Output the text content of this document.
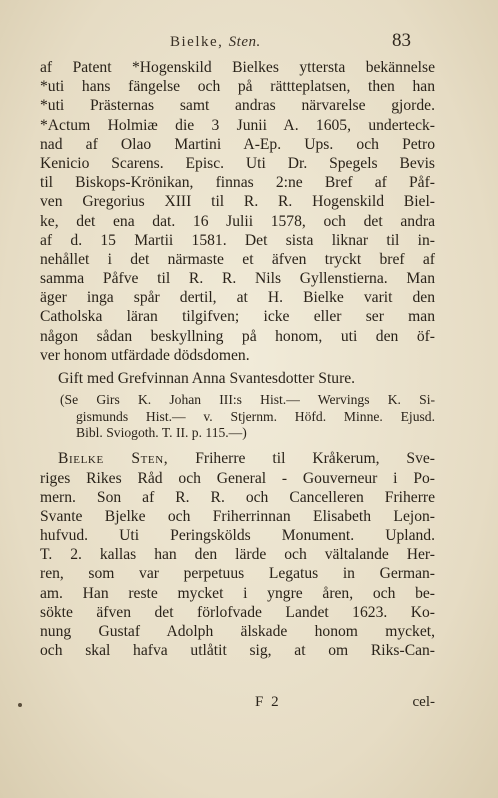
Bielke, Sten.	83
af Patent *Hogenskild Bielkes yttersta bekännelse
*uti hans fängelse och på rättteplatsen, then han
*uti Prästernas samt andras närvarelse gjorde.
*Actum Holmiæ die 3 Junii A. 1605, underteck-
nad af Olao Martini A-Ep. Ups. och Petro
Kenicio Scarens. Episc. Uti Dr. Spegels Bevis
til Biskops-Krönikan, finnas 2:ne Bref af Påf-
ven Gregorius XIII til R. R. Hogenskild Biel-
ke, det ena dat. 16 Julii 1578, och det andra
af d. 15 Martii 1581. Det sista liknar til in-
nehållet i det närmaste et äfven tryckt bref af
samma Påfve til R. R. Nils Gyllenstierna. Man
äger inga spår dertil, at H. Bielke varit den
Catholska läran tilgifven; icke eller ser man
någon sådan beskyllning på honom, uti den öf-
ver honom utfärdade dödsdomen.
Gift med Grefvinnan Anna Svantesdotter Sture.
(Se Girs K. Johan III:s Hist.— Wervings K. Si-
gismunds Hist.— v. Stjernm. Höfd. Minne. Ejusd.
Bibl. Sviogoth. T. II. p. 115.—)
Bielke Sten, Friherre til Kråkerum, Sve-
riges Rikes Råd och General - Gouverneur i Po-
mern. Son af R. R. och Cancelleren Friherre
Svante Bjelke och Friherrinnan Elisabeth Lejon-
hufvud. Uti Peringskölds Monument. Upland.
T. 2. kallas han den lärde och vältalande Her-
ren, som var perpetuus Legatus in German-
am. Han reste mycket i yngre åren, och be-
sökte äfven det förlofvade Landet 1623. Ko-
nung Gustaf Adolph älskade honom mycket,
och skal hafva utlåtit sig, at om Riks-Can-
F 2	cel-
